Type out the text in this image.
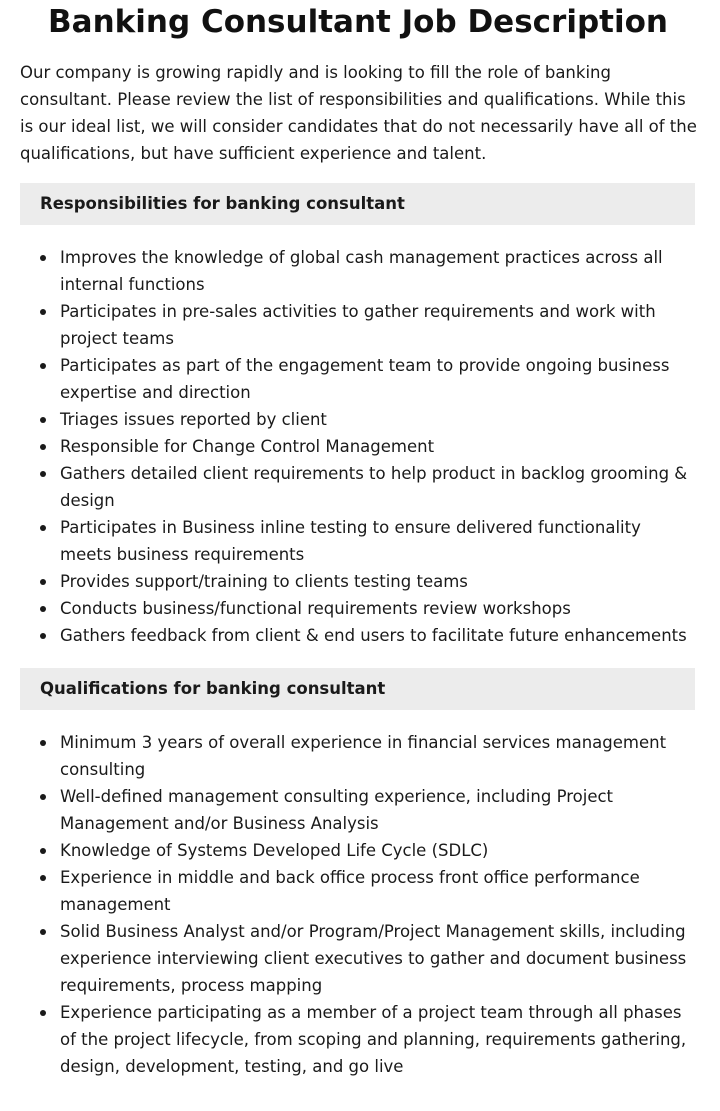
Banking Consultant Job Description

Our company is growing rapidly and is looking to fill the role of banking consultant. Please review the list of responsibilities and qualifications. While this is our ideal list, we will consider candidates that do not necessarily have all of the qualifications, but have sufficient experience and talent.

Responsibilities for banking consultant
Improves the knowledge of global cash management practices across all internal functions
Participates in pre-sales activities to gather requirements and work with project teams
Participates as part of the engagement team to provide ongoing business expertise and direction
Triages issues reported by client
Responsible for Change Control Management
Gathers detailed client requirements to help product in backlog grooming & design
Participates in Business inline testing to ensure delivered functionality meets business requirements
Provides support/training to clients testing teams
Conducts business/functional requirements review workshops
Gathers feedback from client & end users to facilitate future enhancements
Qualifications for banking consultant
Minimum 3 years of overall experience in financial services management consulting
Well-defined management consulting experience, including Project Management and/or Business Analysis
Knowledge of Systems Developed Life Cycle (SDLC)
Experience in middle and back office process front office performance management
Solid Business Analyst and/or Program/Project Management skills, including experience interviewing client executives to gather and document business requirements, process mapping
Experience participating as a member of a project team through all phases of the project lifecycle, from scoping and planning, requirements gathering, design, development, testing, and go live
